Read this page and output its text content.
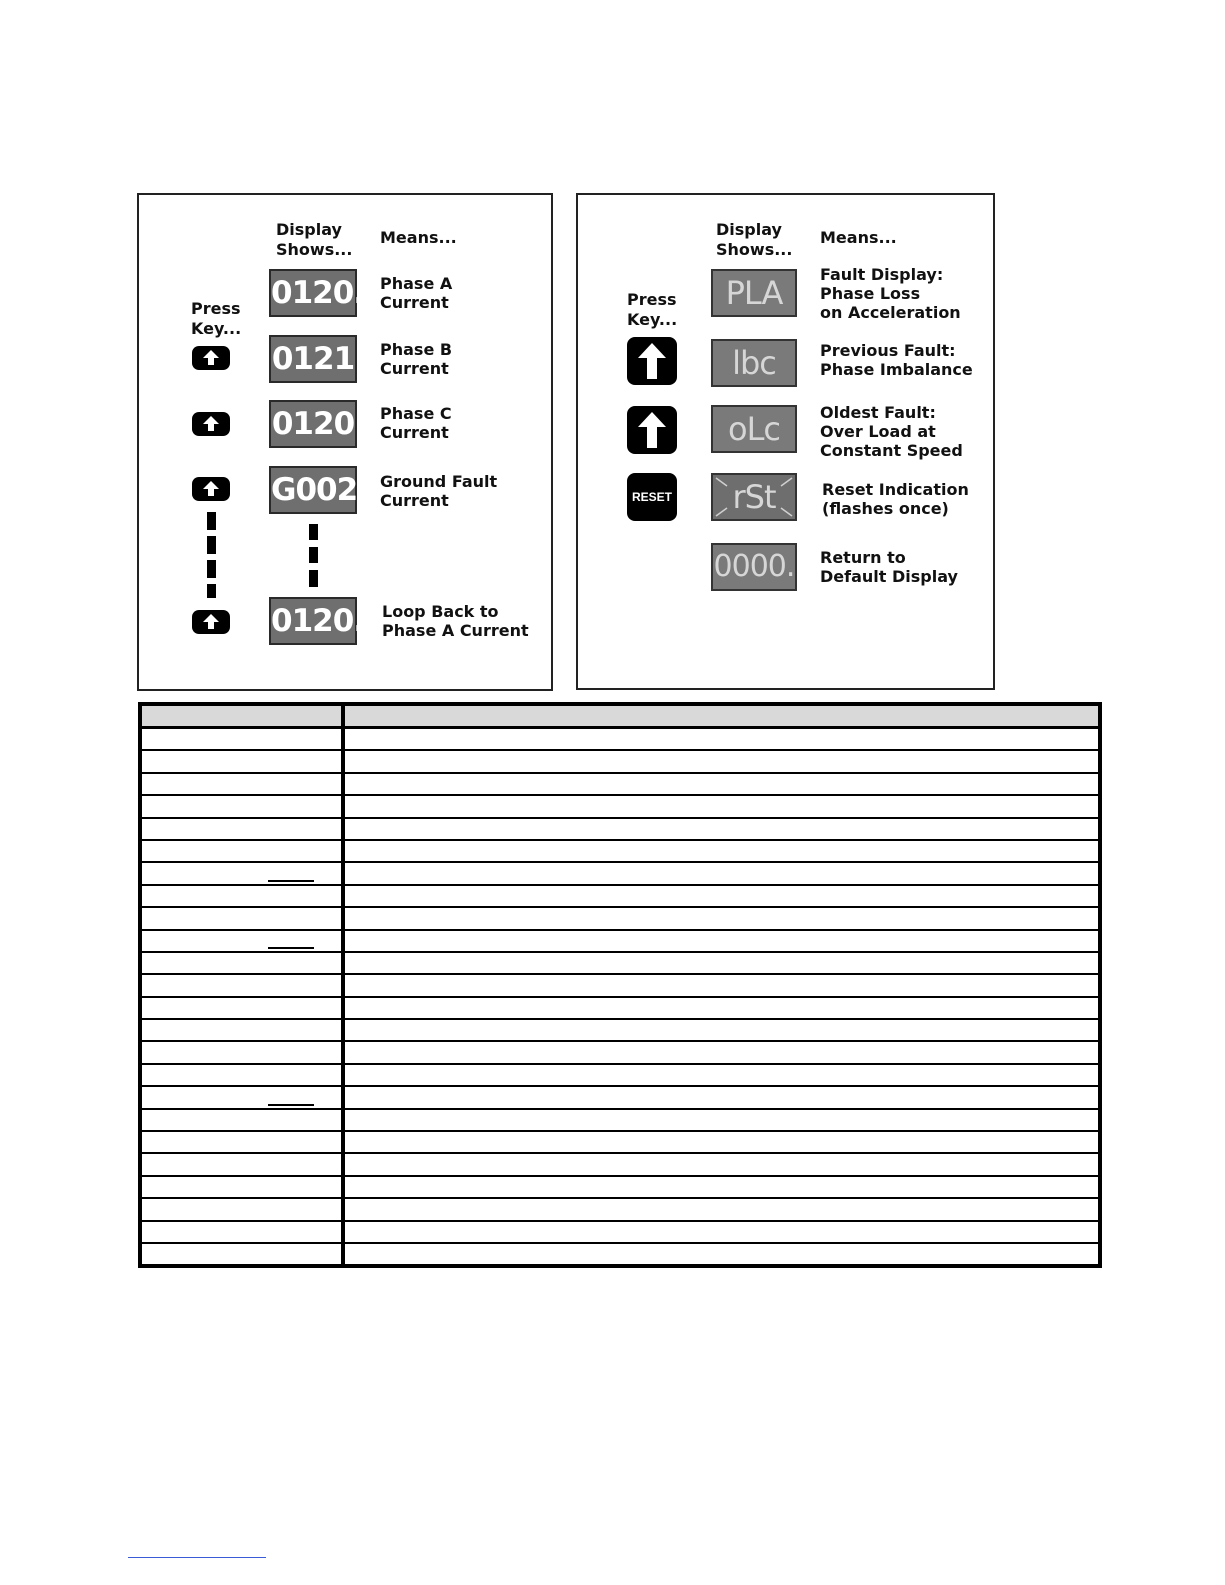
Display
Shows...
Means...
Press
Key...
0120. Phase A
Current
0121 Phase B
Current
0120 Phase C
Current
G002 Ground Fault
Current
0120. Loop Back to
Phase A Current
Display
Shows...
Means...
Press
Key...
PLA	Fault Display:
Phase Loss
on Acceleration
lbc	Previous Fault:
Phase Imbalance
oLc	Oldest Fault:
Over Load at
Constant Speed
RESET	rSt	Reset Indication
(flashes once)
0000. Return to
Default Display
